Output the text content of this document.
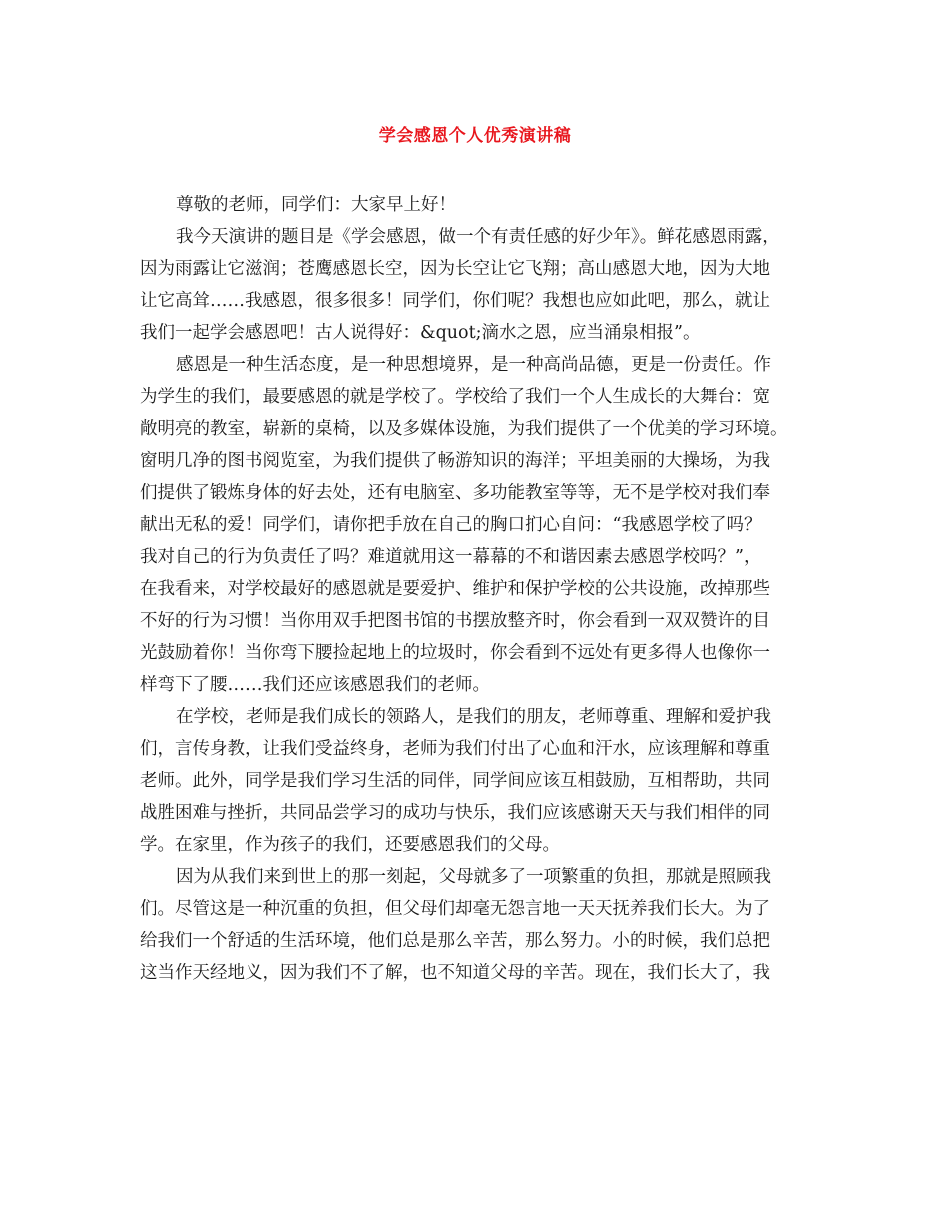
学会感恩个人优秀演讲稿
尊敬的老师，同学们：大家早上好！
我今天演讲的题目是《学会感恩，做一个有责任感的好少年》。鲜花感恩雨露，
因为雨露让它滋润；苍鹰感恩长空，因为长空让它飞翔；高山感恩大地，因为大地
让它高耸……我感恩，很多很多！同学们，你们呢？我想也应如此吧，那么，就让
我们一起学会感恩吧！古人说得好：&quot;滴水之恩，应当涌泉相报”。
感恩是一种生活态度，是一种思想境界，是一种高尚品德，更是一份责任。作
为学生的我们，最要感恩的就是学校了。学校给了我们一个人生成长的大舞台：宽
敞明亮的教室，崭新的桌椅，以及多媒体设施，为我们提供了一个优美的学习环境。
窗明几净的图书阅览室，为我们提供了畅游知识的海洋；平坦美丽的大操场，为我
们提供了锻炼身体的好去处，还有电脑室、多功能教室等等，无不是学校对我们奉
献出无私的爱！同学们，请你把手放在自己的胸口扪心自问：“我感恩学校了吗？
我对自己的行为负责任了吗？难道就用这一幕幕的不和谐因素去感恩学校吗？”，
在我看来，对学校最好的感恩就是要爱护、维护和保护学校的公共设施，改掉那些
不好的行为习惯！当你用双手把图书馆的书摆放整齐时，你会看到一双双赞许的目
光鼓励着你！当你弯下腰捡起地上的垃圾时，你会看到不远处有更多得人也像你一
样弯下了腰……我们还应该感恩我们的老师。
在学校，老师是我们成长的领路人，是我们的朋友，老师尊重、理解和爱护我
们，言传身教，让我们受益终身，老师为我们付出了心血和汗水，应该理解和尊重
老师。此外，同学是我们学习生活的同伴，同学间应该互相鼓励，互相帮助，共同
战胜困难与挫折，共同品尝学习的成功与快乐，我们应该感谢天天与我们相伴的同
学。在家里，作为孩子的我们，还要感恩我们的父母。
因为从我们来到世上的那一刻起，父母就多了一项繁重的负担，那就是照顾我
们。尽管这是一种沉重的负担，但父母们却毫无怨言地一天天抚养我们长大。为了
给我们一个舒适的生活环境，他们总是那么辛苦，那么努力。小的时候，我们总把
这当作天经地义，因为我们不了解，也不知道父母的辛苦。现在，我们长大了，我
